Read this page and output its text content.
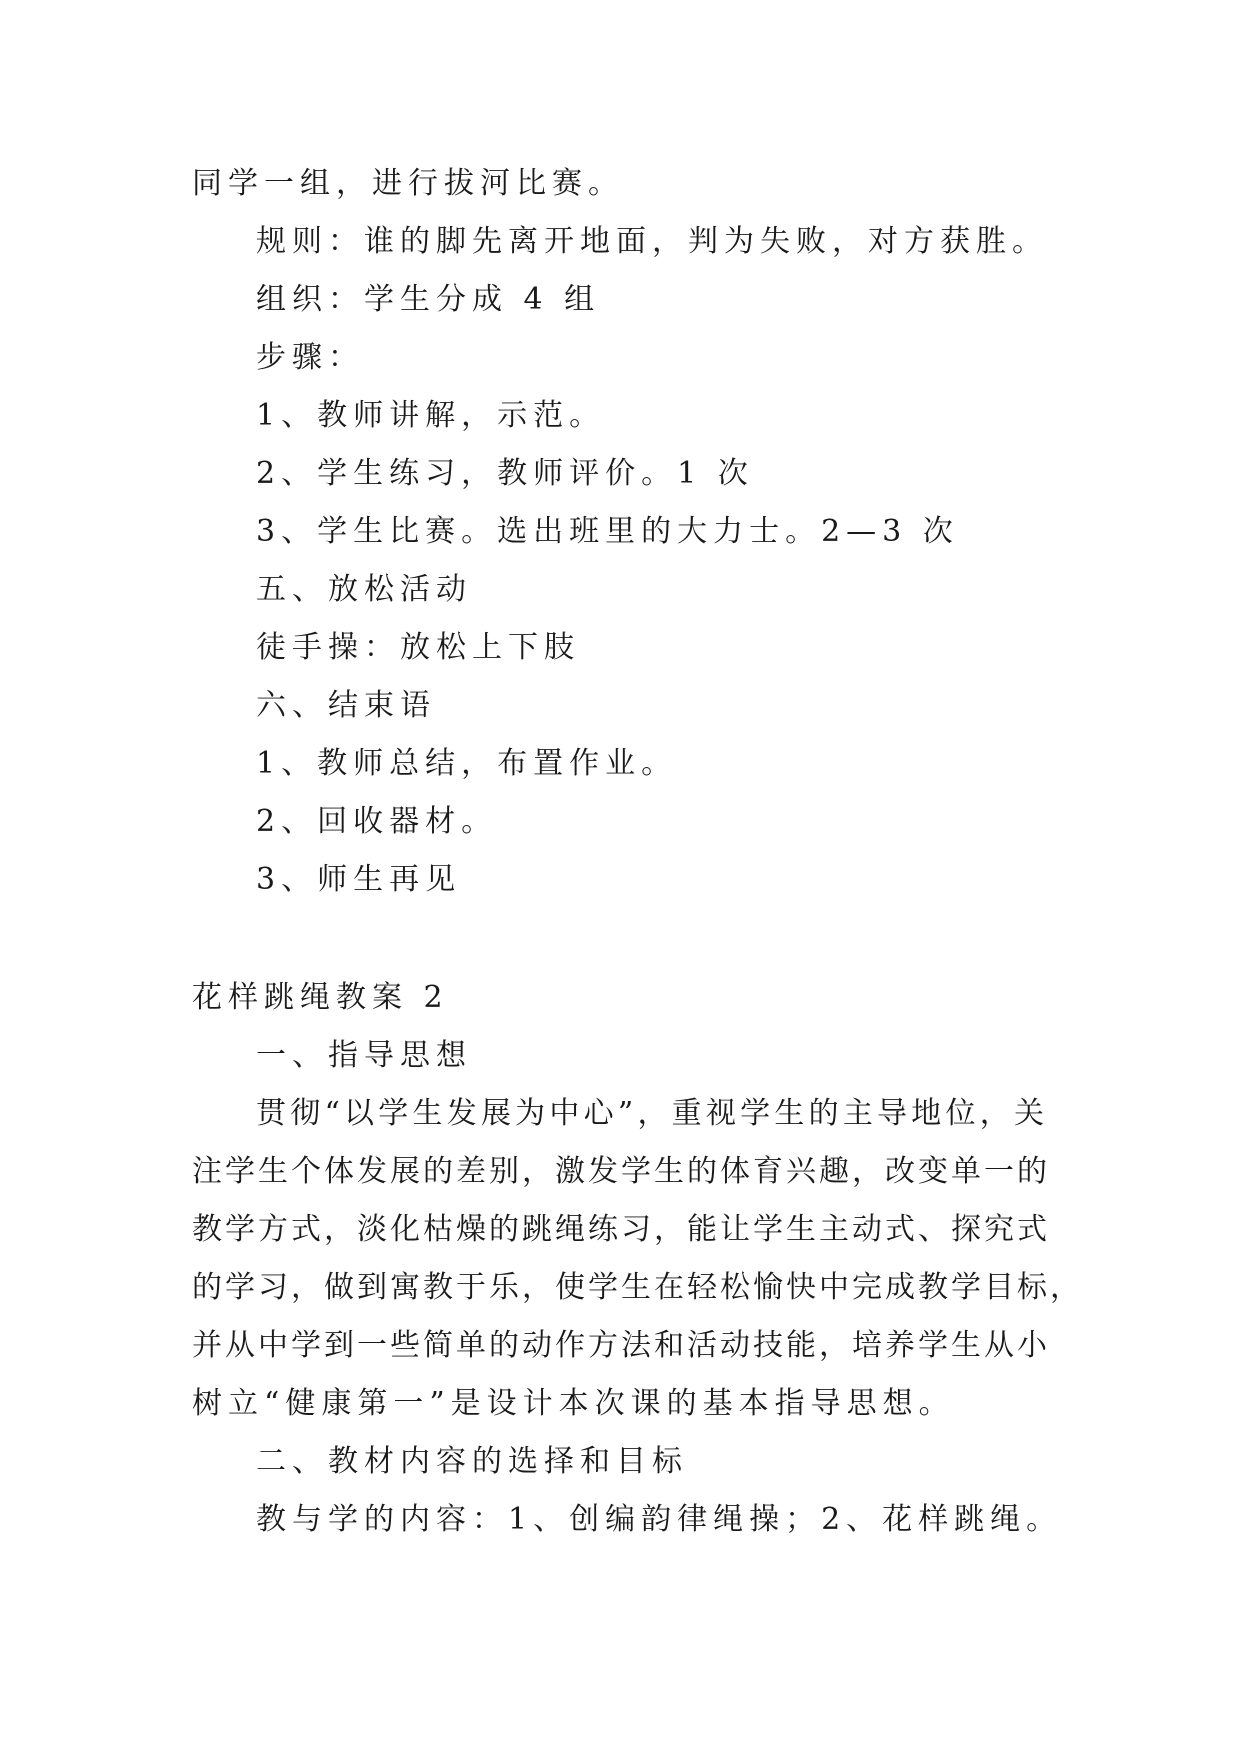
同学一组，进行拔河比赛。
规则：谁的脚先离开地面，判为失败，对方获胜。
组织：学生分成 4 组
步骤：
1、教师讲解，示范。
2、学生练习，教师评价。1 次
3、学生比赛。选出班里的大力士。2—3 次
五、放松活动
徒手操：放松上下肢
六、结束语
1、教师总结，布置作业。
2、回收器材。
3、师生再见
花样跳绳教案 2
一、指导思想
贯彻“以学生发展为中心”，重视学生的主导地位，关
注学生个体发展的差别，激发学生的体育兴趣，改变单一的
教学方式，淡化枯燥的跳绳练习，能让学生主动式、探究式
的学习，做到寓教于乐，使学生在轻松愉快中完成教学目标，
并从中学到一些简单的动作方法和活动技能，培养学生从小
树立“健康第一”是设计本次课的基本指导思想。
二、教材内容的选择和目标
教与学的内容：1、创编韵律绳操；2、花样跳绳。
